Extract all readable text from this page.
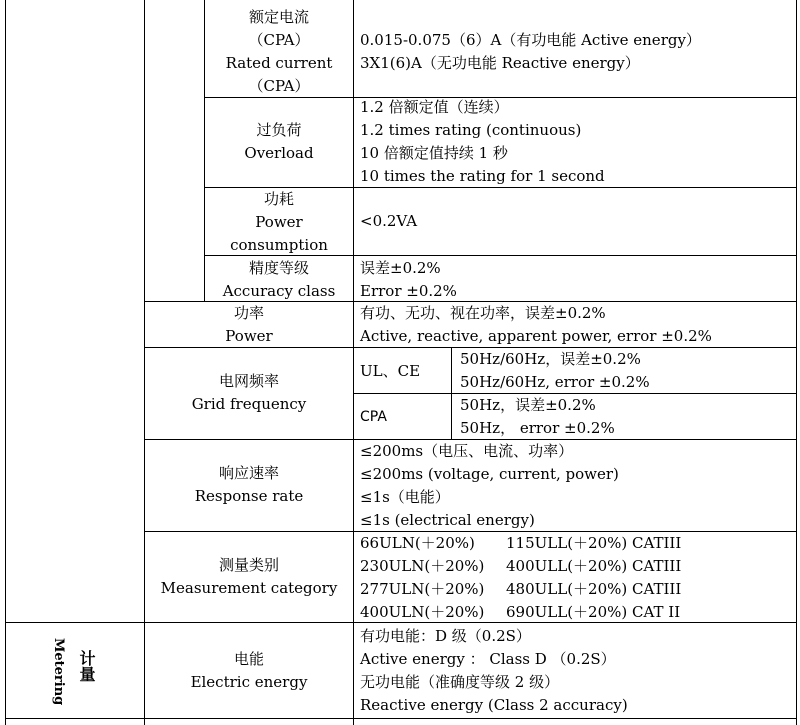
额定电流
（CPA）
Rated current
（CPA）
0.015-0.075（6）A（有功电能 Active energy）
3X1(6)A（无功电能 Reactive energy）
过负荷
Overload
1.2 倍额定值（连续）
1.2 times rating (continuous)
10 倍额定值持续 1 秒
10 times the rating for 1 second
功耗
Power
consumption
<0.2VA
精度等级
Accuracy class
误差±0.2%
Error ±0.2%
功率
Power
有功、无功、视在功率，误差±0.2%
Active, reactive, apparent power, error ±0.2%
电网频率
Grid frequency
UL、CE
50Hz/60Hz，误差±0.2%
50Hz/60Hz, error ±0.2%
CPA
50Hz，误差±0.2%
50Hz， error ±0.2%
响应速率
Response rate
≤200ms（电压、电流、功率）
≤200ms (voltage, current, power)
≤1s（电能）
≤1s (electrical energy)
测量类别
Measurement category
66ULN(＋20%)
230ULN(＋20%)
277ULN(＋20%)
400ULN(＋20%)
115ULL(＋20%) CATIII
400ULL(＋20%) CATIII
480ULL(＋20%) CATIII
690ULL(＋20%) CAT II
Metering 计量	电能
Electric energy
有功电能：D 级（0.2S）
Active energy ： Class D （0.2S）
无功电能（准确度等级 2 级）
Reactive energy (Class 2 accuracy)
